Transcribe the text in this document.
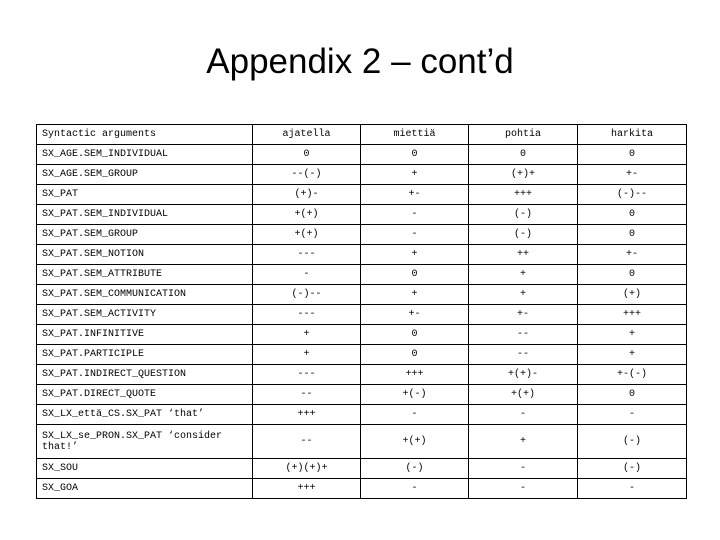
Appendix 2 – cont’d
Syntactic arguments	ajatella	miettiä	pohtia	harkita
SX_AGE.SEM_INDIVIDUAL	0	0	0	0
SX_AGE.SEM_GROUP	--(-)	+	(+)+	+-
SX_PAT	(+)-	+-	+++	(-)--
SX_PAT.SEM_INDIVIDUAL	+(+)	-	(-)	0
SX_PAT.SEM_GROUP	+(+)	-	(-)	0
SX_PAT.SEM_NOTION	---	+	++	+-
SX_PAT.SEM_ATTRIBUTE	-	0	+	0
SX_PAT.SEM_COMMUNICATION	(-)--	+	+	(+)
SX_PAT.SEM_ACTIVITY	---	+-	+-	+++
SX_PAT.INFINITIVE	+	0	--	+
SX_PAT.PARTICIPLE	+	0	--	+
SX_PAT.INDIRECT_QUESTION	---	+++	+(+)-	+-(-)
SX_PAT.DIRECT_QUOTE	--	+(-)	+(+)	0
SX_LX_että_CS.SX_PAT ‘that’	+++	-	-	-
SX_LX_se_PRON.SX_PAT ‘consider that!’	--	+(+)	+	(-)
SX_SOU	(+)(+)+	(-)	-	(-)
SX_GOA	+++	-	-	-
